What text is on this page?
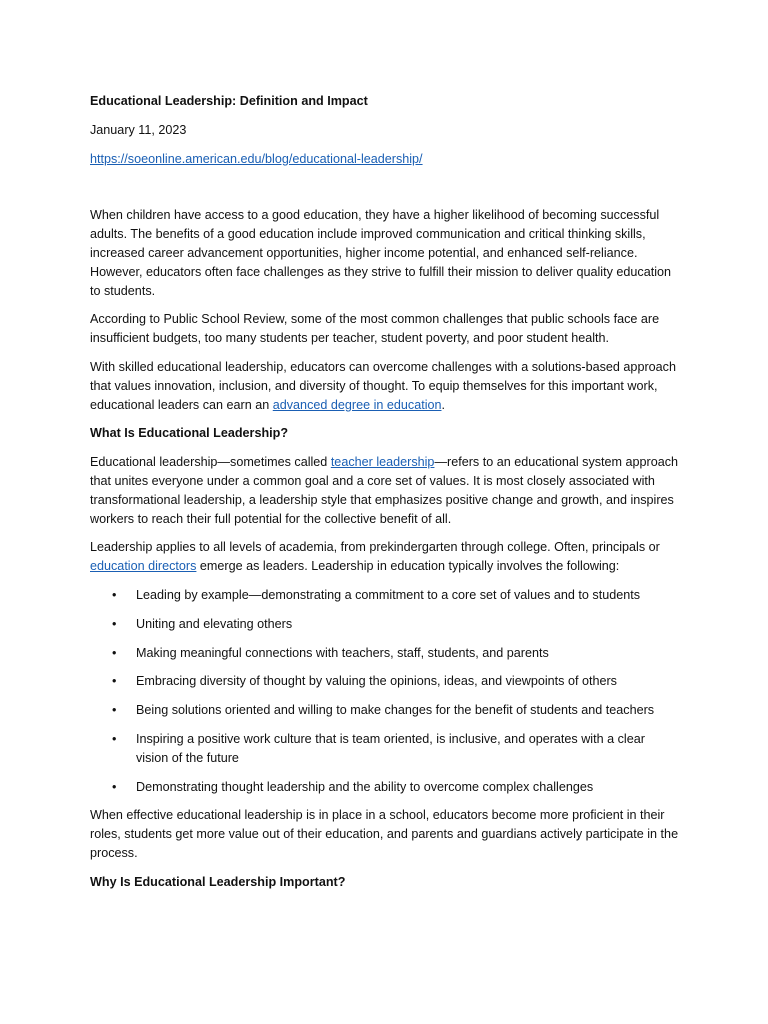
Educational Leadership: Definition and Impact

January 11, 2023

https://soeonline.american.edu/blog/educational-leadership/

When children have access to a good education, they have a higher likelihood of becoming successful adults. The benefits of a good education include improved communication and critical thinking skills, increased career advancement opportunities, higher income potential, and enhanced self-reliance. However, educators often face challenges as they strive to fulfill their mission to deliver quality education to students.

According to Public School Review, some of the most common challenges that public schools face are insufficient budgets, too many students per teacher, student poverty, and poor student health.

With skilled educational leadership, educators can overcome challenges with a solutions-based approach that values innovation, inclusion, and diversity of thought. To equip themselves for this important work, educational leaders can earn an advanced degree in education.

What Is Educational Leadership?

Educational leadership—sometimes called teacher leadership—refers to an educational system approach that unites everyone under a common goal and a core set of values. It is most closely associated with transformational leadership, a leadership style that emphasizes positive change and growth, and inspires workers to reach their full potential for the collective benefit of all.

Leadership applies to all levels of academia, from prekindergarten through college. Often, principals or education directors emerge as leaders. Leadership in education typically involves the following:

• Leading by example—demonstrating a commitment to a core set of values and to students
• Uniting and elevating others
• Making meaningful connections with teachers, staff, students, and parents
• Embracing diversity of thought by valuing the opinions, ideas, and viewpoints of others
• Being solutions oriented and willing to make changes for the benefit of students and teachers
• Inspiring a positive work culture that is team oriented, is inclusive, and operates with a clear vision of the future
• Demonstrating thought leadership and the ability to overcome complex challenges

When effective educational leadership is in place in a school, educators become more proficient in their roles, students get more value out of their education, and parents and guardians actively participate in the process.

Why Is Educational Leadership Important?
